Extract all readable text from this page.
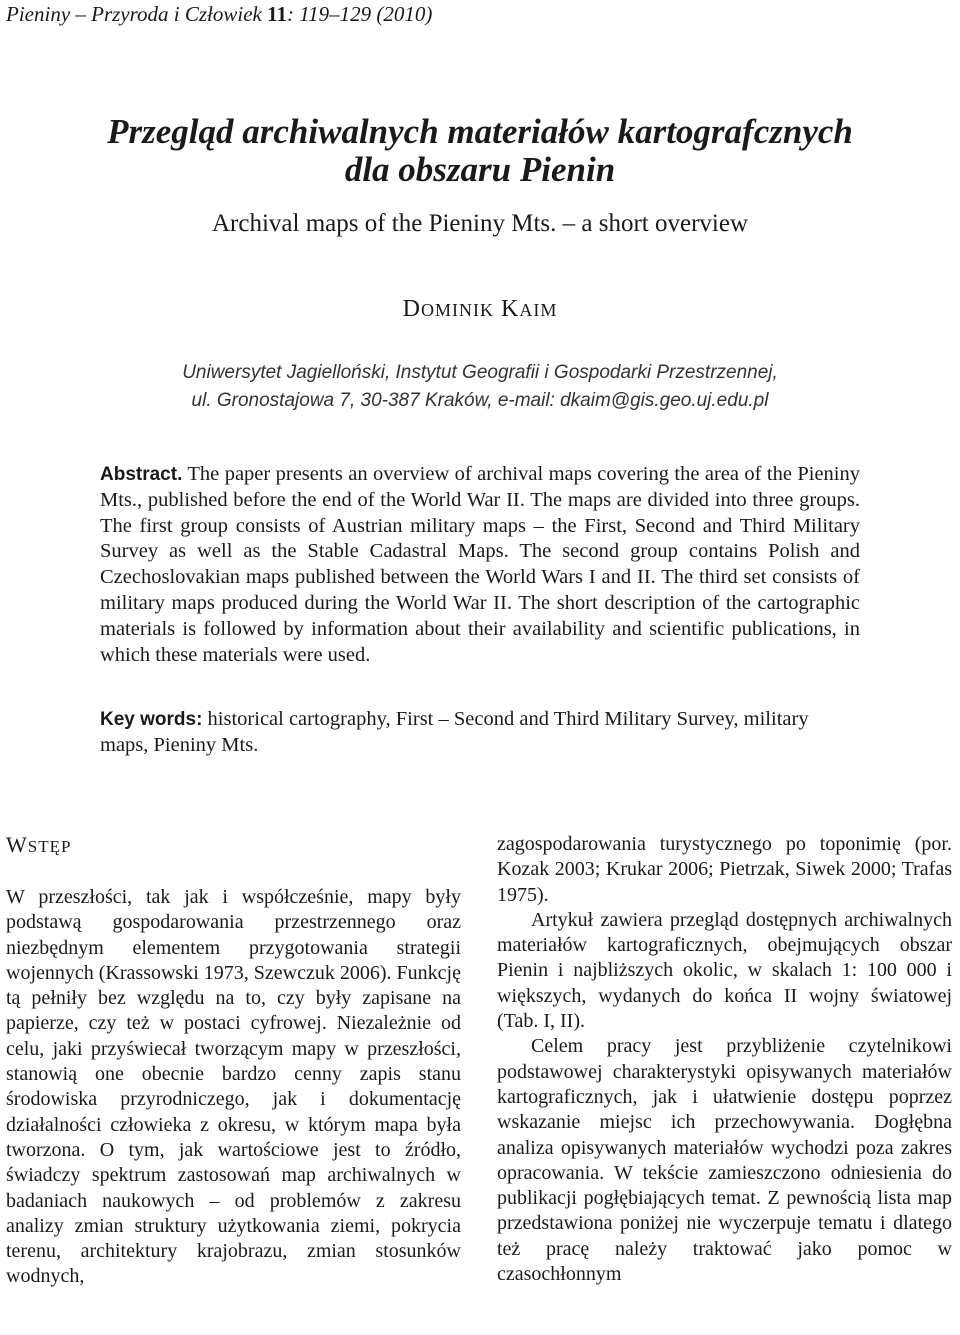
Pieniny – Przyroda i Człowiek 11: 119–129 (2010)
Przegląd archiwalnych materiałów kartografcznych
dla obszaru Pienin
Archival maps of the Pieniny Mts. – a short overview
DOMINIK KAIM
Uniwersytet Jagielloński, Instytut Geografii i Gospodarki Przestrzennej,
ul. Gronostajowa 7, 30-387 Kraków, e-mail: dkaim@gis.geo.uj.edu.pl
Abstract. The paper presents an overview of archival maps covering the area of the Pieniny Mts., published before the end of the World War II. The maps are divided into three groups. The first group consists of Austrian military maps – the First, Second and Third Military Survey as well as the Stable Cadastral Maps. The second group contains Polish and Czechoslovakian maps published between the World Wars I and II. The third set consists of military maps produced during the World War II. The short description of the cartographic materials is followed by information about their availability and scientific publications, in which these materials were used.
Key words: historical cartography, First – Second and Third Military Survey, military maps, Pieniny Mts.
WSTĘP

W przeszłości, tak jak i współcześnie, mapy były podstawą gospodarowania przestrzennego oraz niezbędnym elementem przygotowania strategii wojennych (Krassowski 1973, Szewczuk 2006). Funkcję tą pełniły bez względu na to, czy były zapisane na papierze, czy też w postaci cyfrowej. Niezależnie od celu, jaki przyświecał tworzącym mapy w przeszłości, stanowią one obecnie bardzo cenny zapis stanu środowiska przyrodniczego, jak i dokumentację działalności człowieka z okresu, w którym mapa była tworzona. O tym, jak wartościowe jest to źródło, świadczy spektrum zastosowań map archiwalnych w badaniach naukowych – od problemów z zakresu analizy zmian struktury użytkowania ziemi, pokrycia terenu, architektury krajobrazu, zmian stosunków wodnych,

zagospodarowania turystycznego po toponimię (por. Kozak 2003; Krukar 2006; Pietrzak, Siwek 2000; Trafas 1975).

Artykuł zawiera przegląd dostępnych archiwalnych materiałów kartograficznych, obejmujących obszar Pienin i najbliższych okolic, w skalach 1: 100 000 i większych, wydanych do końca II wojny światowej (Tab. I, II).

Celem pracy jest przybliżenie czytelnikowi podstawowej charakterystyki opisywanych materiałów kartograficznych, jak i ułatwienie dostępu poprzez wskazanie miejsc ich przechowywania. Dogłębna analiza opisywanych materiałów wychodzi poza zakres opracowania. W tekście zamieszczono odniesienia do publikacji pogłębiających temat. Z pewnością lista map przedstawiona poniżej nie wyczerpuje tematu i dlatego też pracę należy traktować jako pomoc w czasochłonnym
